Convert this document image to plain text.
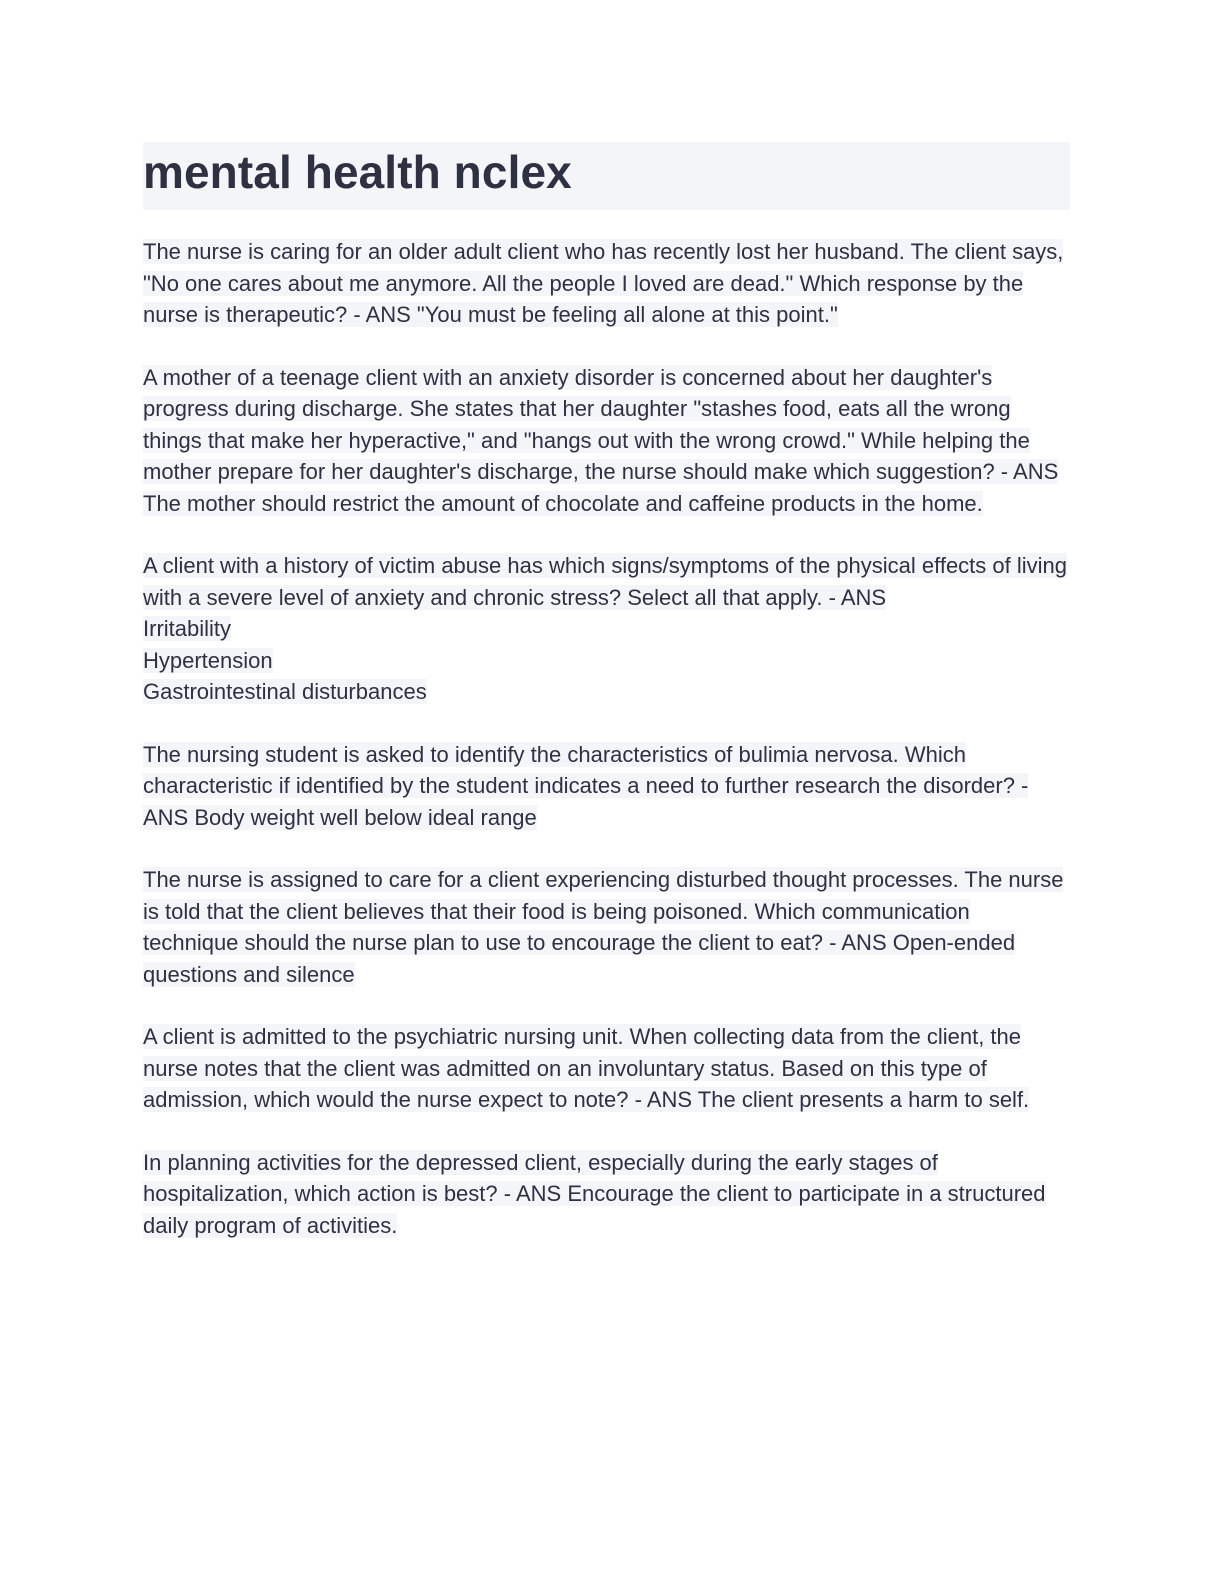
mental health nclex

The nurse is caring for an older adult client who has recently lost her husband. The client says, "No one cares about me anymore. All the people I loved are dead." Which response by the nurse is therapeutic? - ANS "You must be feeling all alone at this point."

A mother of a teenage client with an anxiety disorder is concerned about her daughter's progress during discharge. She states that her daughter "stashes food, eats all the wrong things that make her hyperactive," and "hangs out with the wrong crowd." While helping the mother prepare for her daughter's discharge, the nurse should make which suggestion? - ANS The mother should restrict the amount of chocolate and caffeine products in the home.

A client with a history of victim abuse has which signs/symptoms of the physical effects of living with a severe level of anxiety and chronic stress? Select all that apply. - ANS
Irritability
Hypertension
Gastrointestinal disturbances

The nursing student is asked to identify the characteristics of bulimia nervosa. Which characteristic if identified by the student indicates a need to further research the disorder? - ANS Body weight well below ideal range

The nurse is assigned to care for a client experiencing disturbed thought processes. The nurse is told that the client believes that their food is being poisoned. Which communication technique should the nurse plan to use to encourage the client to eat? - ANS Open-ended questions and silence

A client is admitted to the psychiatric nursing unit. When collecting data from the client, the nurse notes that the client was admitted on an involuntary status. Based on this type of admission, which would the nurse expect to note? - ANS The client presents a harm to self.

In planning activities for the depressed client, especially during the early stages of hospitalization, which action is best? - ANS Encourage the client to participate in a structured daily program of activities.
